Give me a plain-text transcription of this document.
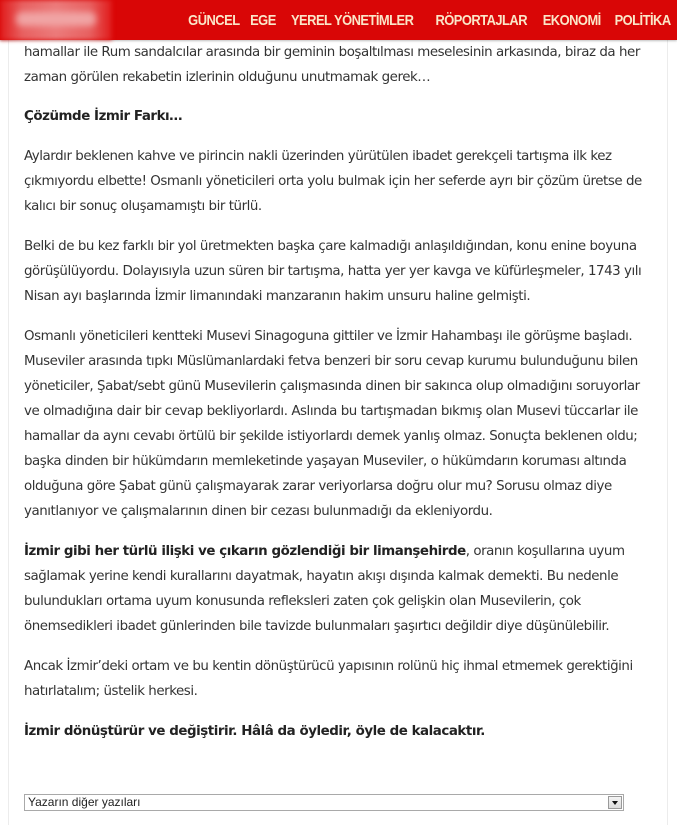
GÜNCEL EGE YEREL YÖNETİMLER RÖPORTAJLAR EKONOMİ POLİTİKA

hamallar ile Rum sandalcılar arasında bir geminin boşaltılması meselesinin arkasında, biraz da her zaman görülen rekabetin izlerinin olduğunu unutmamak gerek…

Çözümde İzmir Farkı…

Aylardır beklenen kahve ve pirincin nakli üzerinden yürütülen ibadet gerekçeli tartışma ilk kez çıkmıyordu elbette! Osmanlı yöneticileri orta yolu bulmak için her seferde ayrı bir çözüm üretse de kalıcı bir sonuç oluşamamıştı bir türlü.

Belki de bu kez farklı bir yol üretmekten başka çare kalmadığı anlaşıldığından, konu enine boyuna görüşülüyordu. Dolayısıyla uzun süren bir tartışma, hatta yer yer kavga ve küfürleşmeler, 1743 yılı Nisan ayı başlarında İzmir limanındaki manzaranın hakim unsuru haline gelmişti.

Osmanlı yöneticileri kentteki Musevi Sinagoguna gittiler ve İzmir Hahambaşı ile görüşme başladı. Museviler arasında tıpkı Müslümanlardaki fetva benzeri bir soru cevap kurumu bulunduğunu bilen yöneticiler, Şabat/sebt günü Musevilerin çalışmasında dinen bir sakınca olup olmadığını soruyorlar ve olmadığına dair bir cevap bekliyorlardı. Aslında bu tartışmadan bıkmış olan Musevi tüccarlar ile hamallar da aynı cevabı örtülü bir şekilde istiyorlardı demek yanlış olmaz. Sonuçta beklenen oldu; başka dinden bir hükümdarın memleketinde yaşayan Museviler, o hükümdarın koruması altında olduğuna göre Şabat günü çalışmayarak zarar veriyorlarsa doğru olur mu? Sorusu olmaz diye yanıtlanıyor ve çalışmalarının dinen bir cezası bulunmadığı da ekleniyordu.

İzmir gibi her türlü ilişki ve çıkarın gözlendiği bir limanşehirde, oranın koşullarına uyum sağlamak yerine kendi kurallarını dayatmak, hayatın akışı dışında kalmak demekti. Bu nedenle bulundukları ortama uyum konusunda refleksleri zaten çok gelişkin olan Musevilerin, çok önemsedikleri ibadet günlerinden bile tavizde bulunmaları şaşırtıcı değildir diye düşünülebilir.

Ancak İzmir’deki ortam ve bu kentin dönüştürücü yapısının rolünü hiç ihmal etmemek gerektiğini hatırlatalım; üstelik herkesi.

İzmir dönüştürür ve değiştirir. Hâlâ da öyledir, öyle de kalacaktır.

Yazarın diğer yazıları
